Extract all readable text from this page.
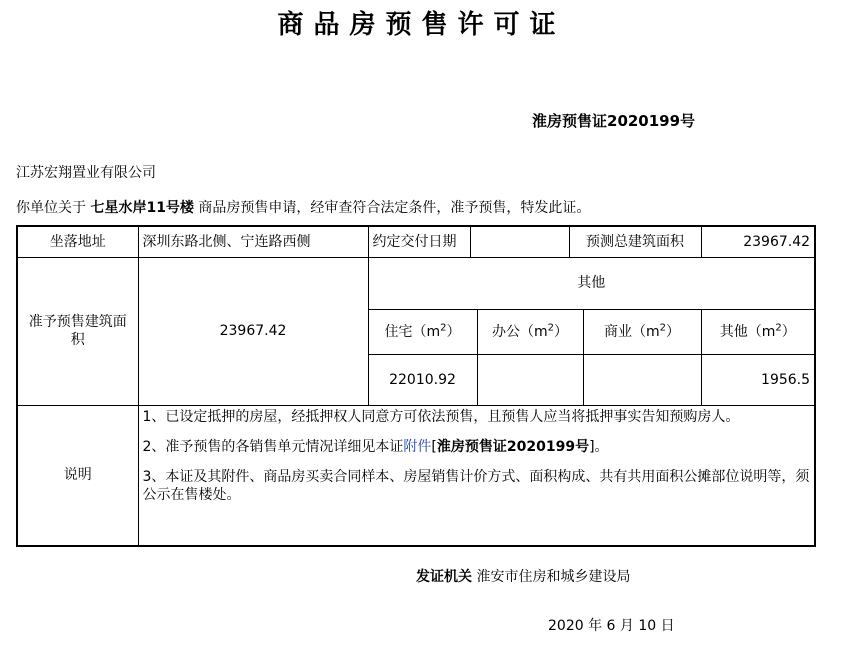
商品房预售许可证
淮房预售证2020199号
江苏宏翔置业有限公司
你单位关于 七星水岸11号楼 商品房预售申请，经审查符合法定条件，准予预售，特发此证。
坐落地址	深圳东路北侧、宁连路西侧	约定交付日期			预测总建筑面积		23967.42
准予预售建筑面积	23967.42	其他					
		住宅$(m^2)$		办公$(m^2)$		商业$(m^2)$	其他$(m^2)$
		22010.92					1956.5
说明	1、已设定抵押的房屋，经抵押权人同意方可依法预售，且预售人应当将抵押事实告知预购房人。

2、准予预售的各销售单元情况详细见本证附件[淮房预售证2020199号]。

3、本证及其附件、商品房买卖合同样本、房屋销售计价方式、面积构成、共有共用面积公摊部位说明等，须公示在售楼处。						

发证机关 淮安市住房和城乡建设局
2020 年 6 月 10 日
